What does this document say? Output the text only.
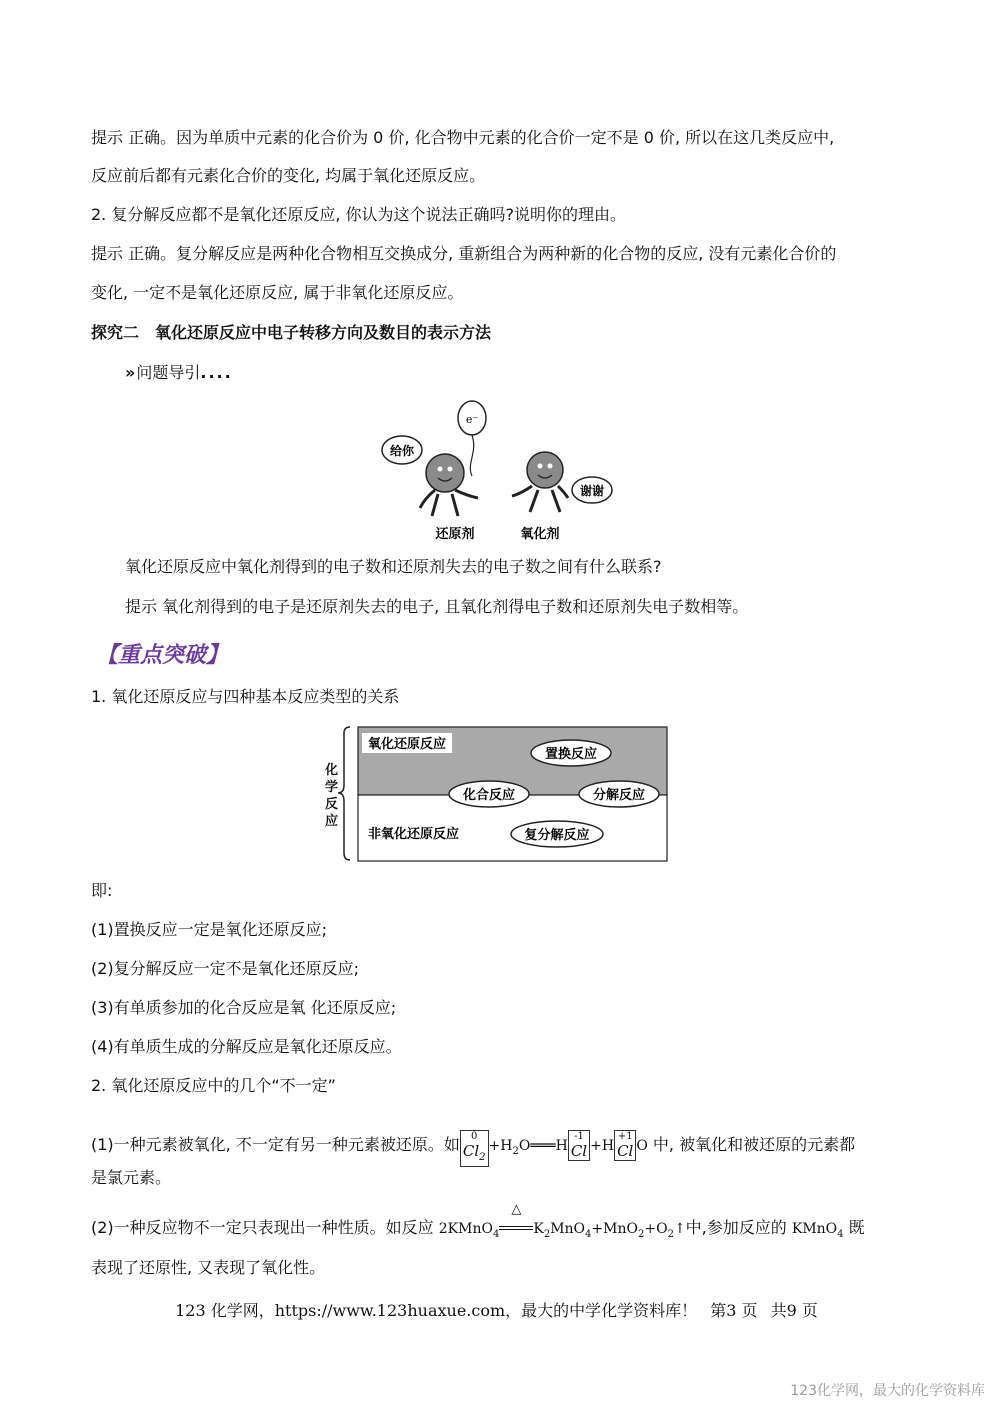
提示 正确。因为单质中元素的化合价为 0 价, 化合物中元素的化合价一定不是 0 价, 所以在这几类反应中,
反应前后都有元素化合价的变化, 均属于氧化还原反应。
2. 复分解反应都不是氧化还原反应, 你认为这个说法正确吗?说明你的理由。
提示 正确。复分解反应是两种化合物相互交换成分, 重新组合为两种新的化合物的反应, 没有元素化合价的
变化, 一定不是氧化还原反应, 属于非氧化还原反应。
探究二　氧化还原反应中电子转移方向及数目的表示方法
» 问题导引....
e⁻
给你
谢谢
还原剂	氧化剂
氧化还原反应中氧化剂得到的电子数和还原剂失去的电子数之间有什么联系?
提示 氧化剂得到的电子是还原剂失去的电子, 且氧化剂得电子数和还原剂失电子数相等。
【重点突破】
1. 氧化还原反应与四种基本反应类型的关系
氧化还原反应
非氧化还原反应
置换反应
化合反应	分解反应
复分解反应
化学反应
即:
(1)置换反应一定是氧化还原反应;
(2)复分解反应一定不是氧化还原反应;
(3)有单质参加的化合反应是氧 化还原反应;
(4)有单质生成的分解反应是氧化还原反应。
2. 氧化还原反应中的几个“不一定”
(1)一种元素被氧化, 不一定有另一种元素被还原。如	0
$Cl_2$
$+H_2O═══H$
-1
Cl +H
+1
Cl O 中, 被氧化和被还原的元素都
是氯元素。
(2)一种反应物不一定只表现出一种性质。如反应 2KMnO$_4$
△
$K_2MnO_4+MnO_2+O_2↑$中,参加反应的 KMnO$_4$ 既
表现了还原性, 又表现了氧化性。
123 化学网，https://www.123huaxue.com，最大的中学化学资料库！ 第3 页 共9 页
123化学网，最大的化学资料库
